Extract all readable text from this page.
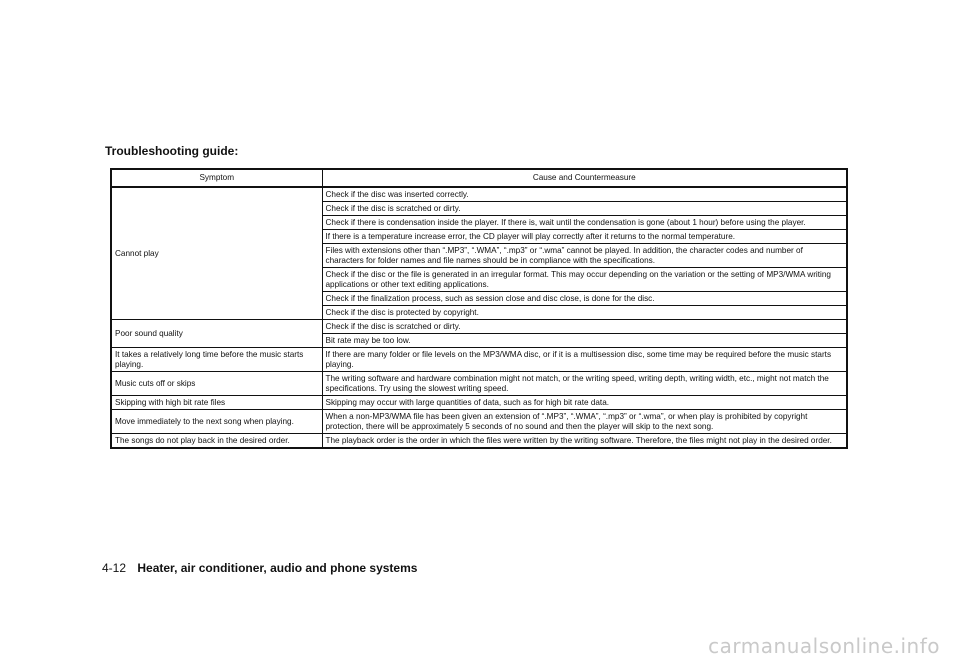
Troubleshooting guide:
Symptom	Cause and Countermeasure
Cannot play	Check if the disc was inserted correctly.
	Check if the disc is scratched or dirty.
	Check if there is condensation inside the player. If there is, wait until the condensation is gone (about 1 hour) before using the player.
	If there is a temperature increase error, the CD player will play correctly after it returns to the normal temperature.
	Files with extensions other than “.MP3”, “.WMA”, “.mp3” or “.wma” cannot be played. In addition, the character codes and number of characters for folder names and file names should be in compliance with the specifications.
	Check if the disc or the file is generated in an irregular format. This may occur depending on the variation or the setting of MP3/WMA writing applications or other text editing applications.
	Check if the finalization process, such as session close and disc close, is done for the disc.
	Check if the disc is protected by copyright.
Poor sound quality	Check if the disc is scratched or dirty.
	Bit rate may be too low.
It takes a relatively long time before the music starts playing.	If there are many folder or file levels on the MP3/WMA disc, or if it is a multisession disc, some time may be required before the music starts playing.
Music cuts off or skips	The writing software and hardware combination might not match, or the writing speed, writing depth, writing width, etc., might not match the specifications. Try using the slowest writing speed.
Skipping with high bit rate files	Skipping may occur with large quantities of data, such as for high bit rate data.
Move immediately to the next song when playing.	When a non-MP3/WMA file has been given an extension of “.MP3”, “.WMA”, “.mp3” or “.wma”, or when play is prohibited by copyright protection, there will be approximately 5 seconds of no sound and then the player will skip to the next song.
The songs do not play back in the desired order.	The playback order is the order in which the files were written by the writing software. Therefore, the files might not play in the desired order.
4-12 Heater, air conditioner, audio and phone systems
carmanualsonline.info
